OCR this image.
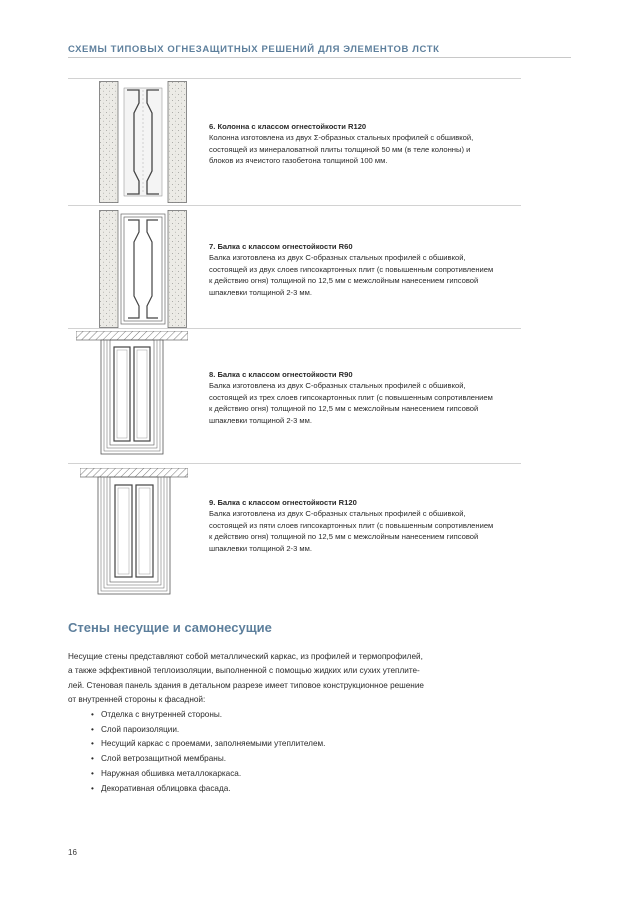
СХЕМЫ ТИПОВЫХ ОГНЕЗАЩИТНЫХ РЕШЕНИЙ ДЛЯ ЭЛЕМЕНТОВ ЛСТК
6. Колонна с классом огнестойкости R120
Колонна изготовлена из двух Σ-образных стальных профилей с обшивкой,
состоящей из минераловатной плиты толщиной 50 мм (в теле колонны) и
блоков из ячеистого газобетона толщиной 100 мм.
7. Балка с классом огнестойкости R60
Балка изготовлена из двух С-образных стальных профилей с обшивкой,
состоящей из двух слоев гипсокартонных плит (с повышенным сопротивлением
к действию огня) толщиной по 12,5 мм с межслойным нанесением гипсовой
шпаклевки толщиной 2-3 мм.
8. Балка с классом огнестойкости R90
Балка изготовлена из двух С-образных стальных профилей с обшивкой,
состоящей из трех слоев гипсокартонных плит (с повышенным сопротивлением
к действию огня) толщиной по 12,5 мм с межслойным нанесением гипсовой
шпаклевки толщиной 2-3 мм.
9. Балка с классом огнестойкости R120
Балка изготовлена из двух С-образных стальных профилей с обшивкой,
состоящей из пяти слоев гипсокартонных плит (с повышенным сопротивлением
к действию огня) толщиной по 12,5 мм с межслойным нанесением гипсовой
шпаклевки толщиной 2-3 мм.
Стены несущие и самонесущие
Несущие стены представляют собой металлический каркас, из профилей и термопрофилей,
а также эффективной теплоизоляции, выполненной с помощью жидких или сухих утеплите-
лей. Стеновая панель здания в детальном разрезе имеет типовое конструкционное решение
от внутренней стороны к фасадной:
• Отделка с внутренней стороны.
• Слой пароизоляции.
• Несущий каркас с проемами, заполняемыми утеплителем.
• Слой ветрозащитной мембраны.
• Наружная обшивка металлокаркаса.
• Декоративная облицовка фасада.
16
